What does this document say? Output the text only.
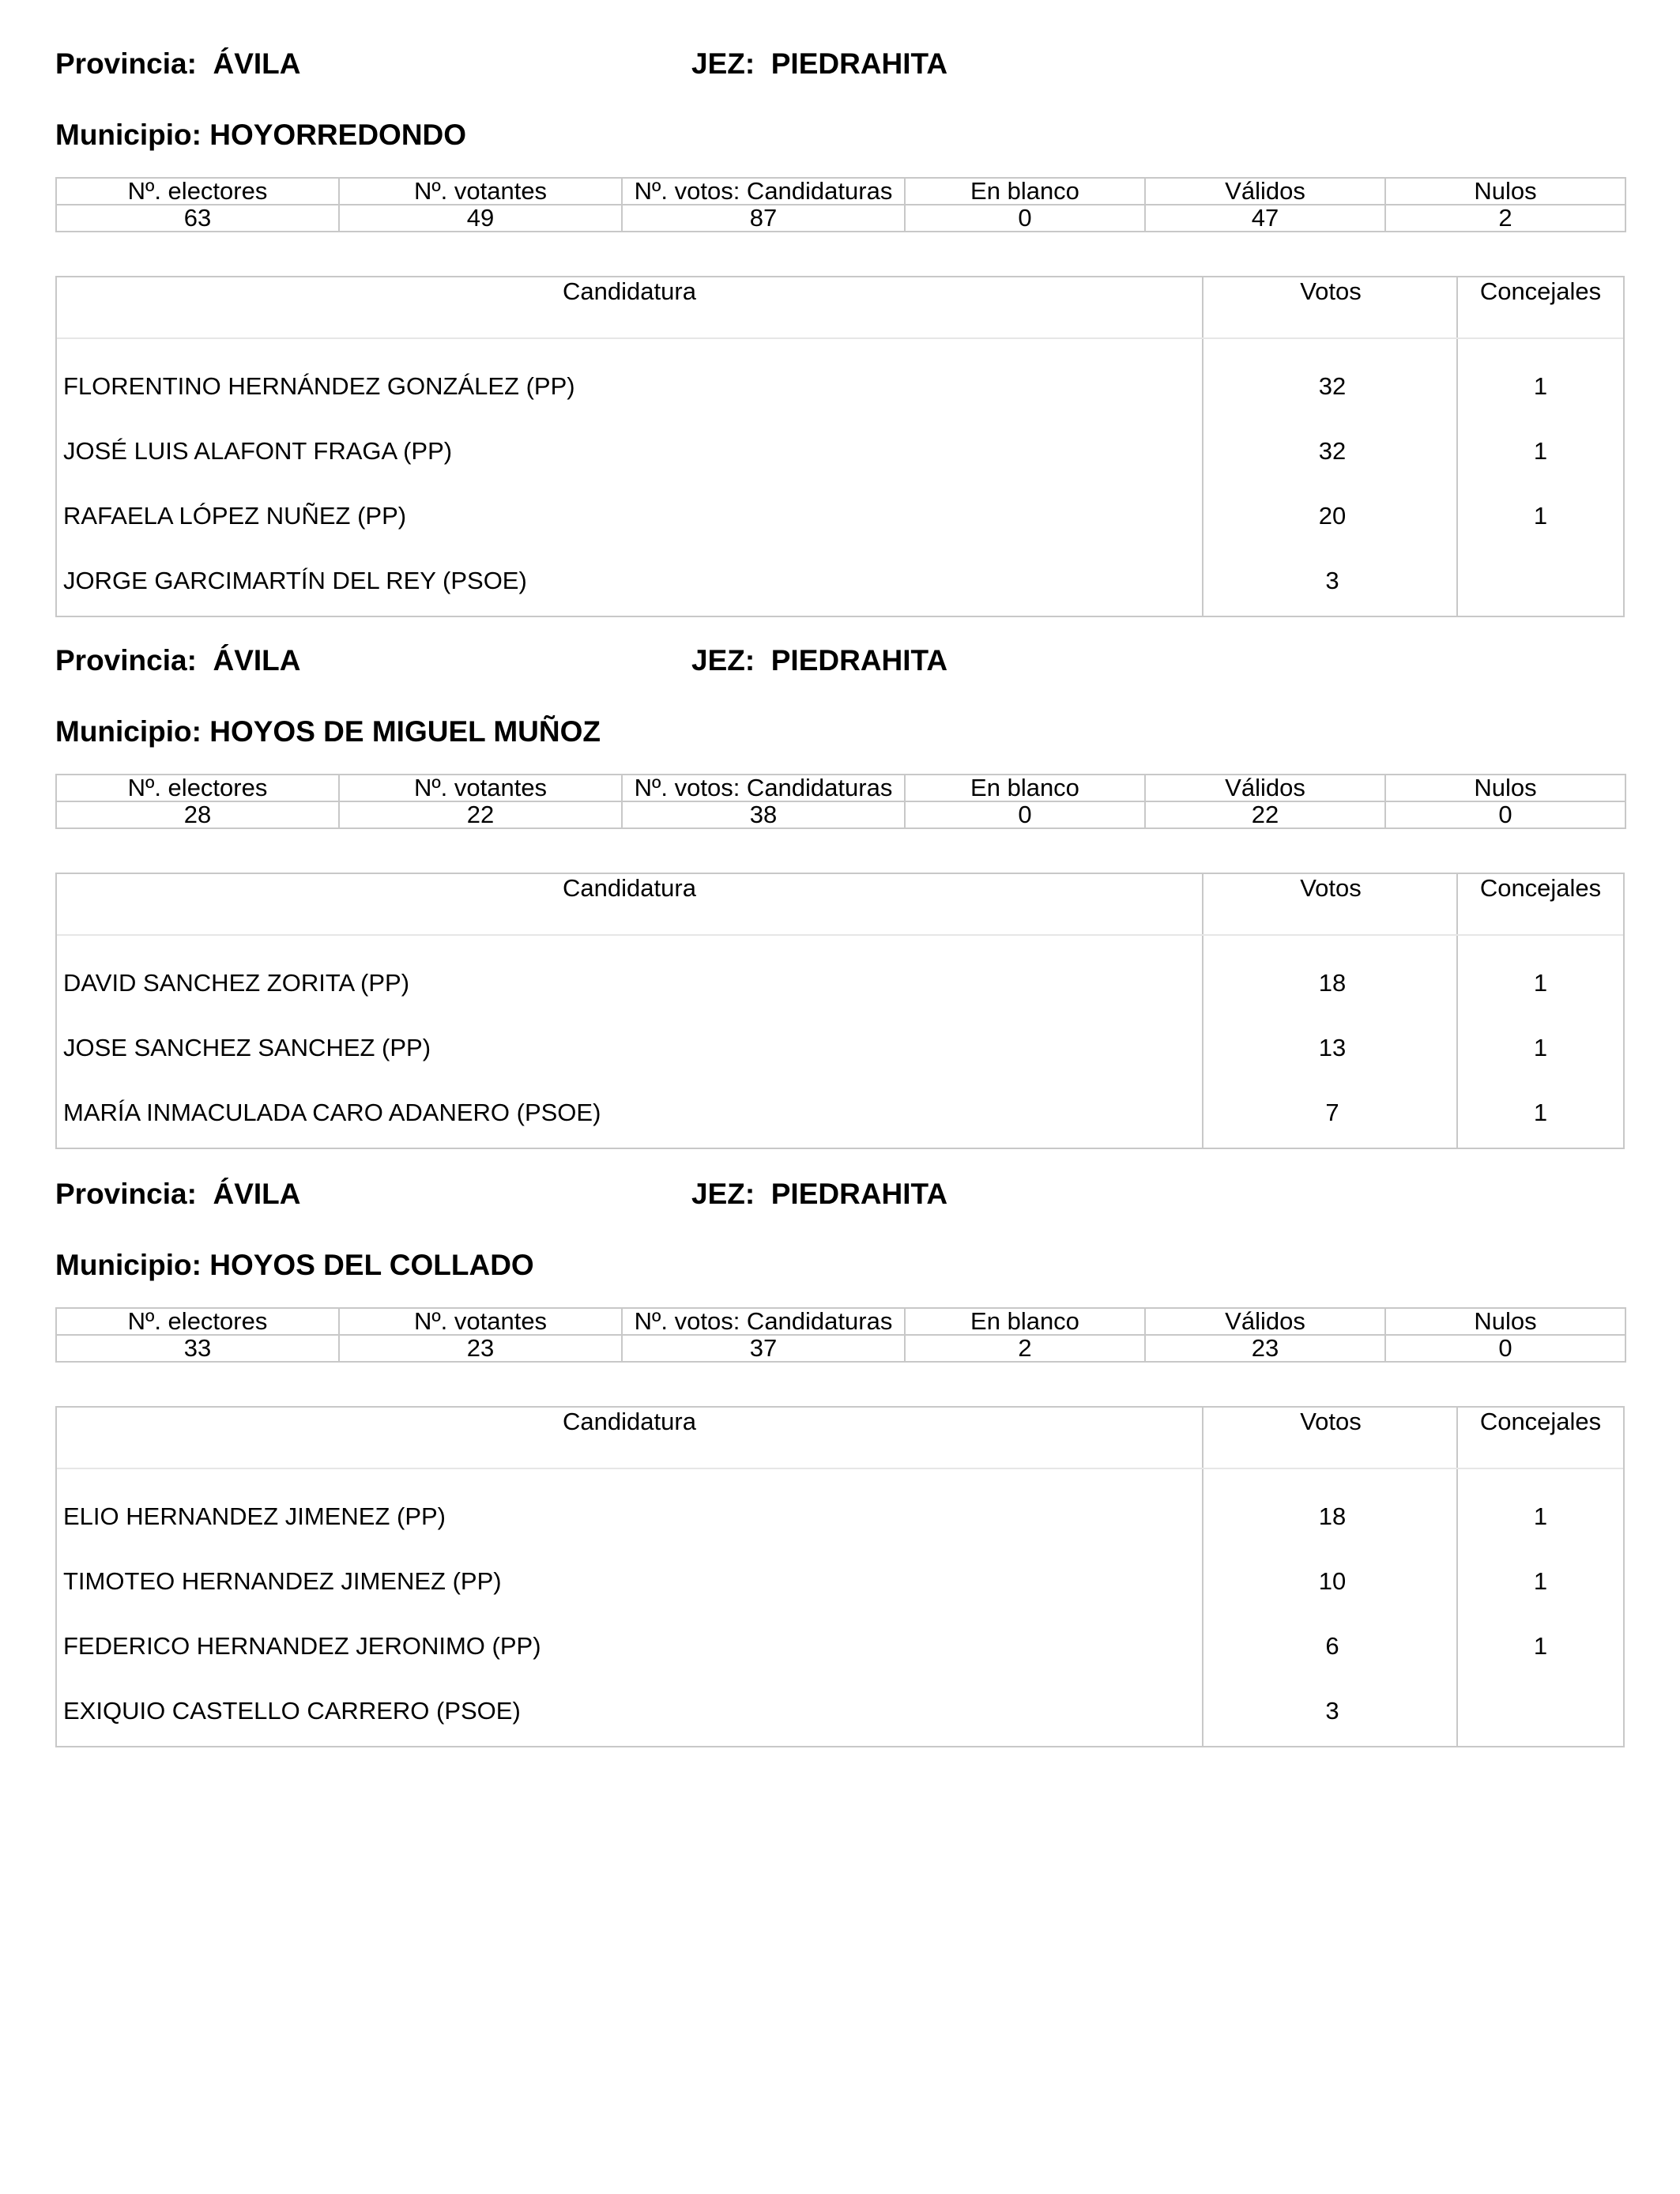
Provincia: ÁVILA	JEZ: PIEDRAHITA
Municipio: HOYORREDONDO
Nº. electores	Nº. votantes	Nº. votos: Candidaturas	En blanco	Válidos	Nulos
63	49	87	0	47	2
Candidatura	Votos	Concejales
FLORENTINO HERNÁNDEZ GONZÁLEZ (PP)	32	1
JOSÉ LUIS ALAFONT FRAGA (PP)	32	1
RAFAELA LÓPEZ NUÑEZ (PP)	20	1
JORGE GARCIMARTÍN DEL REY (PSOE)	3
Provincia: ÁVILA	JEZ: PIEDRAHITA
Municipio: HOYOS DE MIGUEL MUÑOZ
Nº. electores	Nº. votantes	Nº. votos: Candidaturas	En blanco	Válidos	Nulos
28	22	38	0	22	0
Candidatura	Votos	Concejales
DAVID SANCHEZ ZORITA (PP)	18	1
JOSE SANCHEZ SANCHEZ (PP)	13	1
MARÍA INMACULADA CARO ADANERO (PSOE)	7	1
Provincia: ÁVILA	JEZ: PIEDRAHITA
Municipio: HOYOS DEL COLLADO
Nº. electores	Nº. votantes	Nº. votos: Candidaturas	En blanco	Válidos	Nulos
33	23	37	2	23	0
Candidatura	Votos	Concejales
ELIO HERNANDEZ JIMENEZ (PP)	18	1
TIMOTEO HERNANDEZ JIMENEZ (PP)	10	1
FEDERICO HERNANDEZ JERONIMO (PP)	6	1
EXIQUIO CASTELLO CARRERO (PSOE)	3
